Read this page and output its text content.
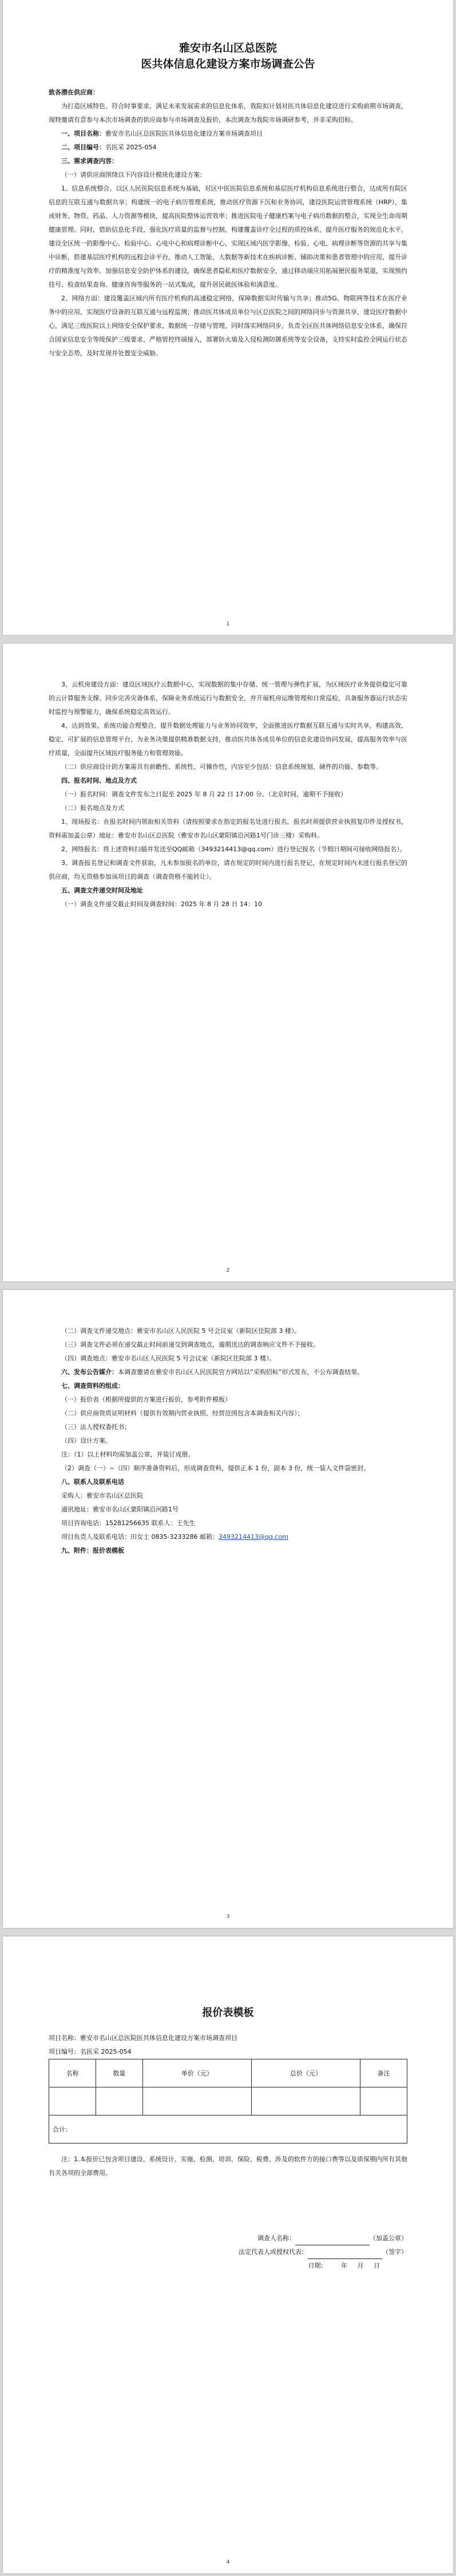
雅安市名山区总医院

医共体信息化建设方案市场调查公告

致各潜在供应商：

为打造区域特色、符合时事要求、满足未来发展需求的信息化体系，我院拟计划对医共体信息化建设进行采购前期市场调查，现特邀请有意参与本次市场调查的供应商参与市场调查及报价，本次调查为我院市场调研参考，并非采购招标。

一、项目名称：雅安市名山区总医院医共体信息化建设方案市场调查项目

二、项目编号：名医采 2025-054

三、需求调查内容：

（一）请供应商围绕以下内容设计模块化建设方案：

1、信息系统整合。以区人民医院信息系统为基础，对区中医医院信息系统和基层医疗机构信息系统进行整合，达成所有院区信息的互联互通与数据共享；构建统一的电子病历管理系统，推动医疗资源下沉和业务协同，建设医院运营管理系统（HRP），集成财务、物资、药品、人力资源等模块，提高医院整体运营效率；推进医院电子健康档案与电子病历数据的整合，实现全生命周期健康管理。同时，借助信息化手段，强化医疗质量的监督与控制，构建覆盖诊疗全过程的质控体系，提升医疗服务的规范化水平，建设全区统一的影像中心、检验中心、心电中心和病理诊断中心，实现区域内医学影像、检验、心电、病理诊断等资源的共享与集中诊断，搭建基层医疗机构的远程会诊平台，推动人工智能、大数据等新技术在疾病诊断、辅助决策和患者管理中的应用，提升诊疗的精准度与效率。加强信息安全防护体系的建设，确保患者隐私和医疗数据安全，通过移动端应用拓展便民服务渠道，实现预约挂号、检查结果查询、健康咨询等服务的一站式集成，提升居民就医体验和满意度。

2、网络方面：建设覆盖区域内所有医疗机构的高速稳定网络，保障数据实时传输与共享；推动5G、物联网等技术在医疗业务中的应用，实现医疗设备的互联互通与远程监测；推动医共体成员单位与区总医院之间的网络同步与资源共享，建设医疗数据中心，满足三级医院以上网络安全保护要求，数据统一存储与管理，同时落实网络同步，负责全区医共体网络信息安全体系，确保符合国家信息安全等级保护三级要求，严格管控终端接入，部署防火墙及入侵检测防御系统等安全设备，支持实时监控全网运行状态与安全态势，及时发现并处置安全威胁。

1

3、云机房建设方面：建设区域医疗云数据中心，实现数据的集中存储、统一管理与弹性扩展，为区域医疗业务提供稳定可靠的云计算服务支撑。同步完善灾备体系，保障业务系统运行与数据安全，并开展机房运维管理和日常巡检，具备服务器运行状态实时监控与预警能力，确保系统稳定高效运行。

4、达到效果。系统功能合理整合，提升数据处理能力与业务协同效率，全面推进医疗数据互联互通与实时共享，构建高效、稳定、可扩展的信息管理平台，为业务决策提供精准数据支持，推动医共体各成员单位的信息化建设协同发展，提高服务效率与医疗质量，全面提升区域医疗服务能力和管理效能。

（二）供应商设计的方案需具有前瞻性、系统性、可操作性，内容至少包括：信息系统规划、硬件的功能、参数等。

四、报名时间、地点及方式

（一）报名时间：调查文件发布之日起至 2025 年 8 月 22 日 17:00 分。（北京时间，逾期不予接收）

（二）报名地点及方式

1、现场报名：在报名时间内领取相关资料（请按照要求在指定的报名处进行报名，报名时须提供营业执照复印件及授权书，资料需加盖公章）地址：雅安市名山区总医院（雅安市名山区蒙阳镇沿河路1号门诊三楼）采购科。

2、网络报名：将上述资料扫描并发送至QQ邮箱（3493214413@qq.com）进行登记报名（节假日期间可接收网络报名）。

3、调查报名登记和调查文件获取，凡未参加报名的单位，请在规定的时间内进行报名登记，在规定时间内未进行报名登记的供应商，均无资格参加该项目的调查（调查资格不能转让）。

五、调查文件递交时间及地址

（一）调查文件递交截止时间及调查时间：2025 年 8 月 28 日 14：10

2

（二）调查文件递交地点：雅安市名山区人民医院 5 号会议室（新院区住院部 3 楼）。

（三）调查文件必须在递交截止时间前递交到调查地点，逾期送达的调查响应文件不予接收。

（四）调查地点：雅安市名山区人民医院 5 号会议室（新院区住院部 3 楼）。

六、发布公告媒介：本调查邀请在雅安市名山区人民医院官方网站以“采购招标”形式发布，不公布调查结果。

七、调查资料的组成：

（一）报价表（根据所提供的方案进行报价，参考附件模板）

（二）供应商资质证明材料（提供有效期内营业执照、经营范围包含本调查相关内容）；

（三）法人授权委托书；

（四）设计方案。

注：（1）以上材料均需加盖公章，并装订成册。

（2）调查（一）~（四）顺序准备资料后，形成调查资料，提供正本 1 份，副本 3 份，统一装入文件袋密封。

八、联系人及联系电话

采购人：雅安市名山区总医院

通讯地址：雅安市名山区蒙阳镇沿河路1号

项目咨询电话：15281256635 联系人：王先生

项目负责人及联系电话：田女士 0835-3233286 邮箱：3493214413@qq.com

九、附件：报价表模板

3

报价表模板

项目名称：雅安市名山区总医院医共体信息化建设方案市场调查项目

项目编号：名医采 2025-054

名称	数量	单价（元）	总价（元）	备注

合计：				

注：1.本报价已包含项目建设、系统设计、实施、检测、培训、保险、税费、涉及的软件方的接口费等以及质保期内所有其他有关各项的全部费用。

调查人名称：	（加盖公章）

法定代表人或授权代表：	（签字）

日期： 年 月 日

4
